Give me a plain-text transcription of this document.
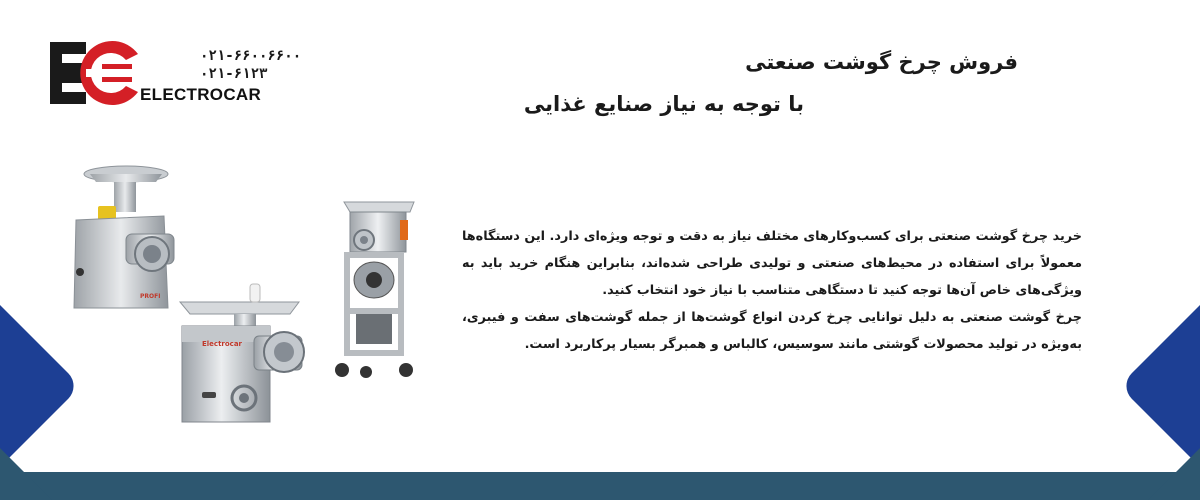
۰۲۱-۶۶۰۰۶۶۰۰
۰۲۱-۶۱۲۳
ELECTROCAR
فروش چرخ گوشت صنعتی
با توجه به نیاز صنایع غذایی
PROFI
Electrocar

خرید چرخ گوشت صنعتی برای کسب‌وکارهای مختلف نیاز به دقت و توجه ویژه‌ای دارد. این دستگاه‌ها معمولاً برای استفاده در محیط‌های صنعتی و تولیدی طراحی شده‌اند، بنابراین هنگام خرید باید به ویژگی‌های خاص آن‌ها توجه کنید تا دستگاهی متناسب با نیاز خود انتخاب کنید.

چرخ گوشت صنعتی به دلیل توانایی چرخ کردن انواع گوشت‌ها از جمله گوشت‌های سفت و فیبری، به‌ویژه در تولید محصولات گوشتی مانند سوسیس، کالباس و همبرگر بسیار پرکاربرد است.
